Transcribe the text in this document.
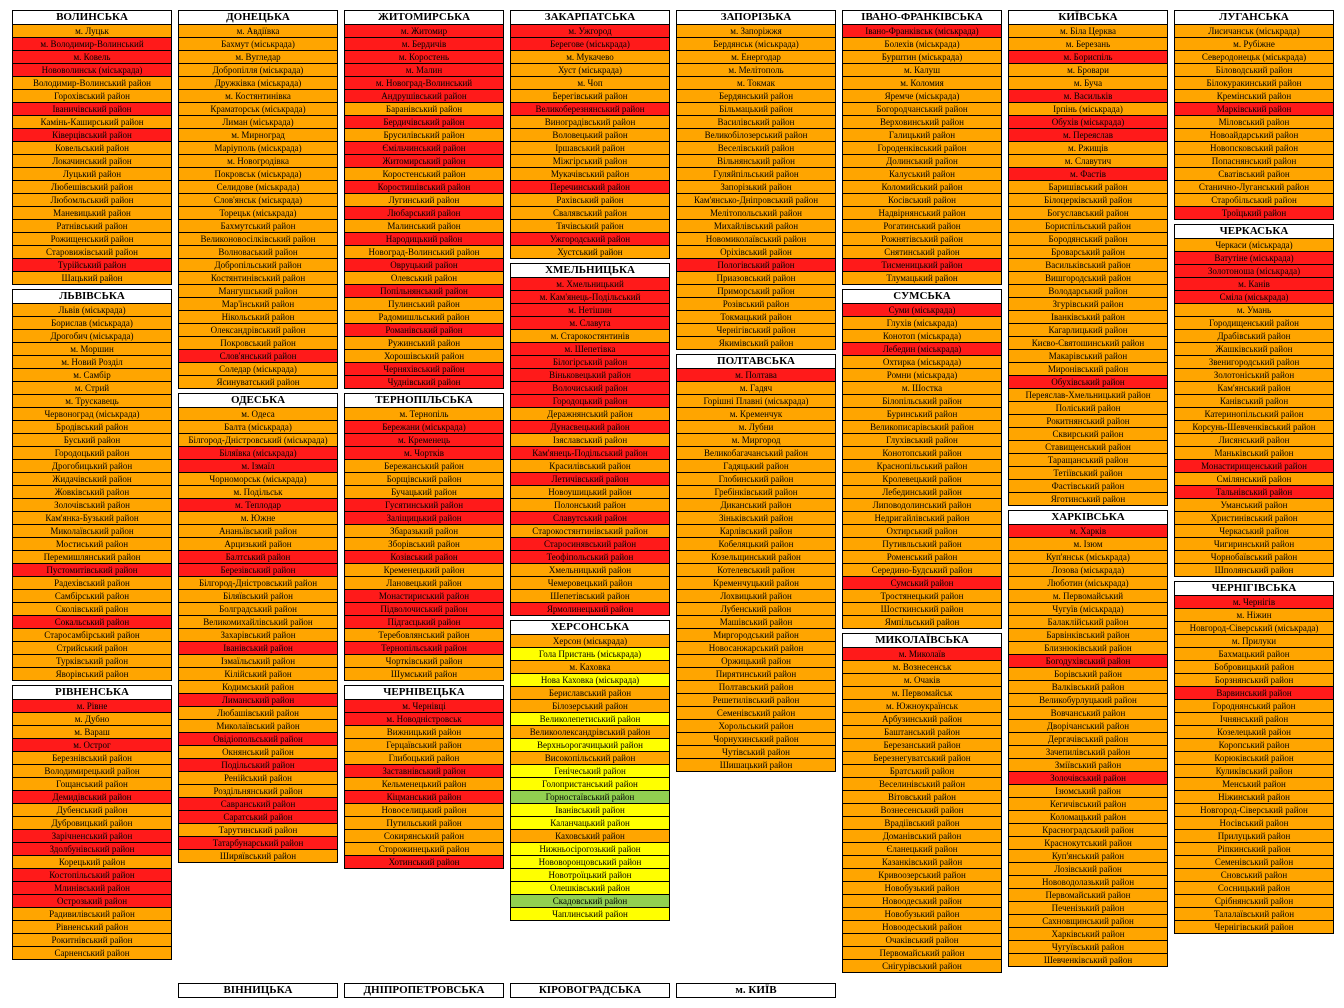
ВОЛИНСЬКА
м. Луцьк
м. Володимир-Волинський
м. Ковель
Нововолинськ (міськрада)
Володимир-Волинський район
Горохівський район
Іваничівський район
Камінь-Каширський район
Ківерцівський район
Ковельський район
Локачинський район
Луцький район
Любешівський район
Любомльський район
Маневицький район
Ратнівський район
Рожищенський район
Старовижівський район
Турійський район
Шацький район
ЛЬВІВСЬКА
Львів (міськрада)
Борислав (міськрада)
Дрогобич (міськрада)
м. Моршин
м. Новий Розділ
м. Самбір
м. Стрий
м. Трускавець
Червоноград (міськрада)
Бродівський район
Буський район
Городоцький район
Дрогобицький район
Жидачівський район
Жовківський район
Золочівський район
Кам'янка-Бузький район
Миколаївський район
Мостиський район
Перемишлянський район
Пустомитівський район
Радехівський район
Самбірський район
Сколівський район
Сокальський район
Старосамбірський район
Стрийський район
Турківський район
Яворівський район
РІВНЕНСЬКА
м. Рівне
м. Дубно
м. Вараш
м. Острог
Березнівський район
Володимирецький район
Гощанський район
Демидівський район
Дубенський район
Дубровицький район
Зарічненський район
Здолбунівський район
Корецький район
Костопільський район
Млинівський район
Острозький район
Радивилівський район
Рівненський район
Рокитнівський район
Сарненський район
ДОНЕЦЬКА
м. Авдіївка
Бахмут (міськрада)
м. Вугледар
Добропілля (міськрада)
Дружківка (міськрада)
м. Костянтинівка
Краматорськ (міськрада)
Лиман (міськрада)
м. Мирноград
Маріуполь (міськрада)
м. Новогродівка
Покровськ (міськрада)
Селидове (міськрада)
Слов'янськ (міськрада)
Торецьк (міськрада)
Бахмутський район
Великоновосілківський район
Волноваський район
Добропільський район
Костянтинівський район
Мангушський район
Мар'їнський район
Нікольський район
Олександрівський район
Покровський район
Слов'янський район
Соледар (міськрада)
Ясинуватський район
ОДЕСЬКА
м. Одеса
Балта (міськрада)
Білгород-Дністровський (міськрада)
Біляївка (міськрада)
м. Ізмаїл
Чорноморськ (міськрада)
м. Подільськ
м. Теплодар
м. Южне
Ананьївський район
Арцизький район
Балтський район
Березівський район
Білгород-Дністровський район
Біляївський район
Болградський район
Великомихайлівський район
Захарівський район
Іванівський район
Ізмаїльський район
Кілійський район
Кодимський район
Лиманський район
Любашівський район
Миколаївський район
Овідіопольський район
Окнянський район
Подільський район
Ренійський район
Роздільнянський район
Савранський район
Саратський район
Тарутинський район
Татарбунарський район
Ширяївський район
ЖИТОМИРСЬКА
м. Житомир
м. Бердичів
м. Коростень
м. Малин
м. Новоград-Волинський
Андрушівський район
Баранівський район
Бердичівський район
Брусилівський район
Ємільчинський район
Житомирський район
Коростенський район
Коростишівський район
Лугинський район
Любарський район
Малинський район
Народицький район
Новоград-Волинський район
Овруцький район
Олевський район
Попільнянський район
Пулинський район
Радомишльський район
Романівський район
Ружинський район
Хорошівський район
Черняхівський район
Чуднівський район
ТЕРНОПІЛЬСЬКА
м. Тернопіль
Бережани (міськрада)
м. Кременець
м. Чортків
Бережанський район
Борщівський район
Бучацький район
Гусятинський район
Заліщицький район
Збаразький район
Зборівський район
Козівський район
Кременецький район
Лановецький район
Монастириський район
Підволочиський район
Підгаєцький район
Теребовлянський район
Тернопільський район
Чортківський район
Шумський район
ЧЕРНІВЕЦЬКА
м. Чернівці
м. Новодністровськ
Вижницький район
Герцаївський район
Глибоцький район
Заставнівський район
Кельменецький район
Кіцманський район
Новоселицький район
Путильський район
Сокирянський район
Сторожинецький район
Хотинський район
ЗАКАРПАТСЬКА
м. Ужгород
Берегове (міськрада)
м. Мукачево
Хуст (міськрада)
м. Чоп
Берегівський район
Великоберезнянський район
Виноградівський район
Воловецький район
Іршавський район
Міжгірський район
Мукачівський район
Перечинський район
Рахівський район
Свалявський район
Тячівський район
Ужгородський район
Хустський район
ХМЕЛЬНИЦЬКА
м. Хмельницький
м. Кам'янець-Подільський
м. Нетішин
м. Славута
м. Старокостянтинів
м. Шепетівка
Білогірський район
Віньковецький район
Волочиський район
Городоцький район
Деражнянський район
Дунаєвецький район
Ізяславський район
Кам'янець-Подільський район
Красилівський район
Летичівський район
Новоушицький район
Полонський район
Славутський район
Старокостянтинівський район
Старосинявський район
Теофіпольський район
Хмельницький район
Чемеровецький район
Шепетівський район
Ярмолинецький район
ХЕРСОНСЬКА
Херсон (міськрада)
Гола Пристань (міськрада)
м. Каховка
Нова Каховка (міськрада)
Бериславський район
Білозерський район
Великолепетиський район
Великоолександрівський район
Верхньорогачицький район
Високопільський район
Генічеський район
Голопристанський район
Горностаївський район
Іванівський район
Каланчацький район
Каховський район
Нижньосірогозький район
Нововоронцовський район
Новотроїцький район
Олешківський район
Скадовський район
Чаплинський район
ЗАПОРІЗЬКА
м. Запоріжжя
Бердянськ (міськрада)
м. Енергодар
м. Мелітополь
м. Токмак
Бердянський район
Більмацький район
Василівський район
Великобілозерський район
Веселівський район
Вільнянський район
Гуляйпільський район
Запорізький район
Кам'янсько-Дніпровський район
Мелітопольський район
Михайлівський район
Новомиколаївський район
Оріхівський район
Пологівський район
Приазовський район
Приморський район
Розівський район
Токмацький район
Чернігівський район
Якимівський район
ПОЛТАВСЬКА
м. Полтава
м. Гадяч
Горішні Плавні (міськрада)
м. Кременчук
м. Лубни
м. Миргород
Великобагачанський район
Гадяцький район
Глобинський район
Гребінківський район
Диканський район
Зіньківський район
Карлівський район
Кобеляцький район
Козельщинський район
Котелевський район
Кременчуцький район
Лохвицький район
Лубенський район
Машівський район
Миргородський район
Новосанжарський район
Оржицький район
Пирятинський район
Полтавський район
Решетилівський район
Семенівський район
Хорольський район
Чорнухинський район
Чутівський район
Шишацький район
ІВАНО-ФРАНКІВСЬКА
Івано-Франківськ (міськрада)
Болехів (міськрада)
Бурштин (міськрада)
м. Калуш
м. Коломия
Яремче (міськрада)
Богородчанський район
Верховинський район
Галицький район
Городенківський район
Долинський район
Калуський район
Коломийський район
Косівський район
Надвірнянський район
Рогатинський район
Рожнятівський район
Снятинський район
Тисменицький район
Тлумацький район
СУМСЬКА
Суми (міськрада)
Глухів (міськрада)
Конотоп (міськрада)
Лебедин (міськрада)
Охтирка (міськрада)
Ромни (міськрада)
м. Шостка
Білопільський район
Буринський район
Великописарівський район
Глухівський район
Конотопський район
Краснопільський район
Кролевецький район
Лебединський район
Липоводолинський район
Недригайлівський район
Охтирський район
Путивльський район
Роменський район
Середино-Будський район
Сумський район
Тростянецький район
Шосткинський район
Ямпільський район
МИКОЛАЇВСЬКА
м. Миколаїв
м. Вознесенськ
м. Очаків
м. Первомайськ
м. Южноукраїнськ
Арбузинський район
Баштанський район
Березанський район
Березнегуватський район
Братський район
Веселинівський район
Вітовський район
Вознесенський район
Врадіївський район
Доманівський район
Єланецький район
Казанківський район
Кривоозерський район
Новобузький район
Новоодеський район
Новобузький район
Новоодеський район
Очаківський район
Первомайський район
Снігурівський район
КИЇВСЬКА
м. Біла Церква
м. Березань
м. Бориспіль
м. Бровари
м. Буча
м. Васильків
Ірпінь (міськрада)
Обухів (міськрада)
м. Переяслав
м. Ржищів
м. Славутич
м. Фастів
Баришівський район
Білоцерківський район
Богуславський район
Бориспільський район
Бородянський район
Броварський район
Васильківський район
Вишгородський район
Володарський район
Згурівський район
Іванківський район
Кагарлицький район
Києво-Святошинський район
Макарівський район
Миронівський район
Обухівський район
Переяслав-Хмельницький район
Поліський район
Рокитнянський район
Сквирський район
Ставищенський район
Таращанський район
Тетіївський район
Фастівський район
Яготинський район
ХАРКІВСЬКА
м. Харків
м. Ізюм
Куп'янськ (міськрада)
Лозова (міськрада)
Люботин (міськрада)
м. Первомайський
Чугуїв (міськрада)
Балаклійський район
Барвінківський район
Близнюківський район
Богодухівський район
Борівський район
Валківський район
Великобурлуцький район
Вовчанський район
Дворічанський район
Дергачівський район
Зачепилівський район
Зміївський район
Золочівський район
Ізюмський район
Кегичівський район
Коломацький район
Красноградський район
Краснокутський район
Куп'янський район
Лозівський район
Нововодолазький район
Первомайський район
Печенізький район
Сахновщинський район
Харківський район
Чугуївський район
Шевченківський район
ЛУГАНСЬКА
Лисичанськ (міськрада)
м. Рубіжне
Северодонецьк (міськрада)
Біловодський район
Білокуракинський район
Кремінський район
Марківський район
Міловський район
Новоайдарський район
Новопсковський район
Попаснянський район
Сватівський район
Станично-Луганський район
Старобільський район
Троїцький район
ЧЕРКАСЬКА
Черкаси (міськрада)
Ватутіне (міськрада)
Золотоноша (міськрада)
м. Канів
Сміла (міськрада)
м. Умань
Городищенський район
Драбівський район
Жашківський район
Звенигородський район
Золотоніський район
Кам'янський район
Канівський район
Катеринопільський район
Корсунь-Шевченківський район
Лисянський район
Маньківський район
Монастирищенський район
Смілянський район
Тальнівський район
Уманський район
Христинівський район
Черкаський район
Чигиринський район
Чорнобаївський район
Шполянський район
ЧЕРНІГІВСЬКА
м. Чернігів
м. Ніжин
Новгород-Сіверський (міськрада)
м. Прилуки
Бахмацький район
Бобровицький район
Борзнянський район
Варвинський район
Городнянський район
Ічнянський район
Козелецький район
Коропський район
Корюківський район
Куликівський район
Менський район
Ніжинський район
Новгород-Сіверський район
Носівський район
Прилуцький район
Ріпкинський район
Семенівський район
Сновський район
Сосницький район
Срібнянський район
Талалаївський район
Чернігівський район
ВІННИЦЬКА	ДНІПРОПЕТРОВСЬКА	КІРОВОГРАДСЬКА	м. КИЇВ
